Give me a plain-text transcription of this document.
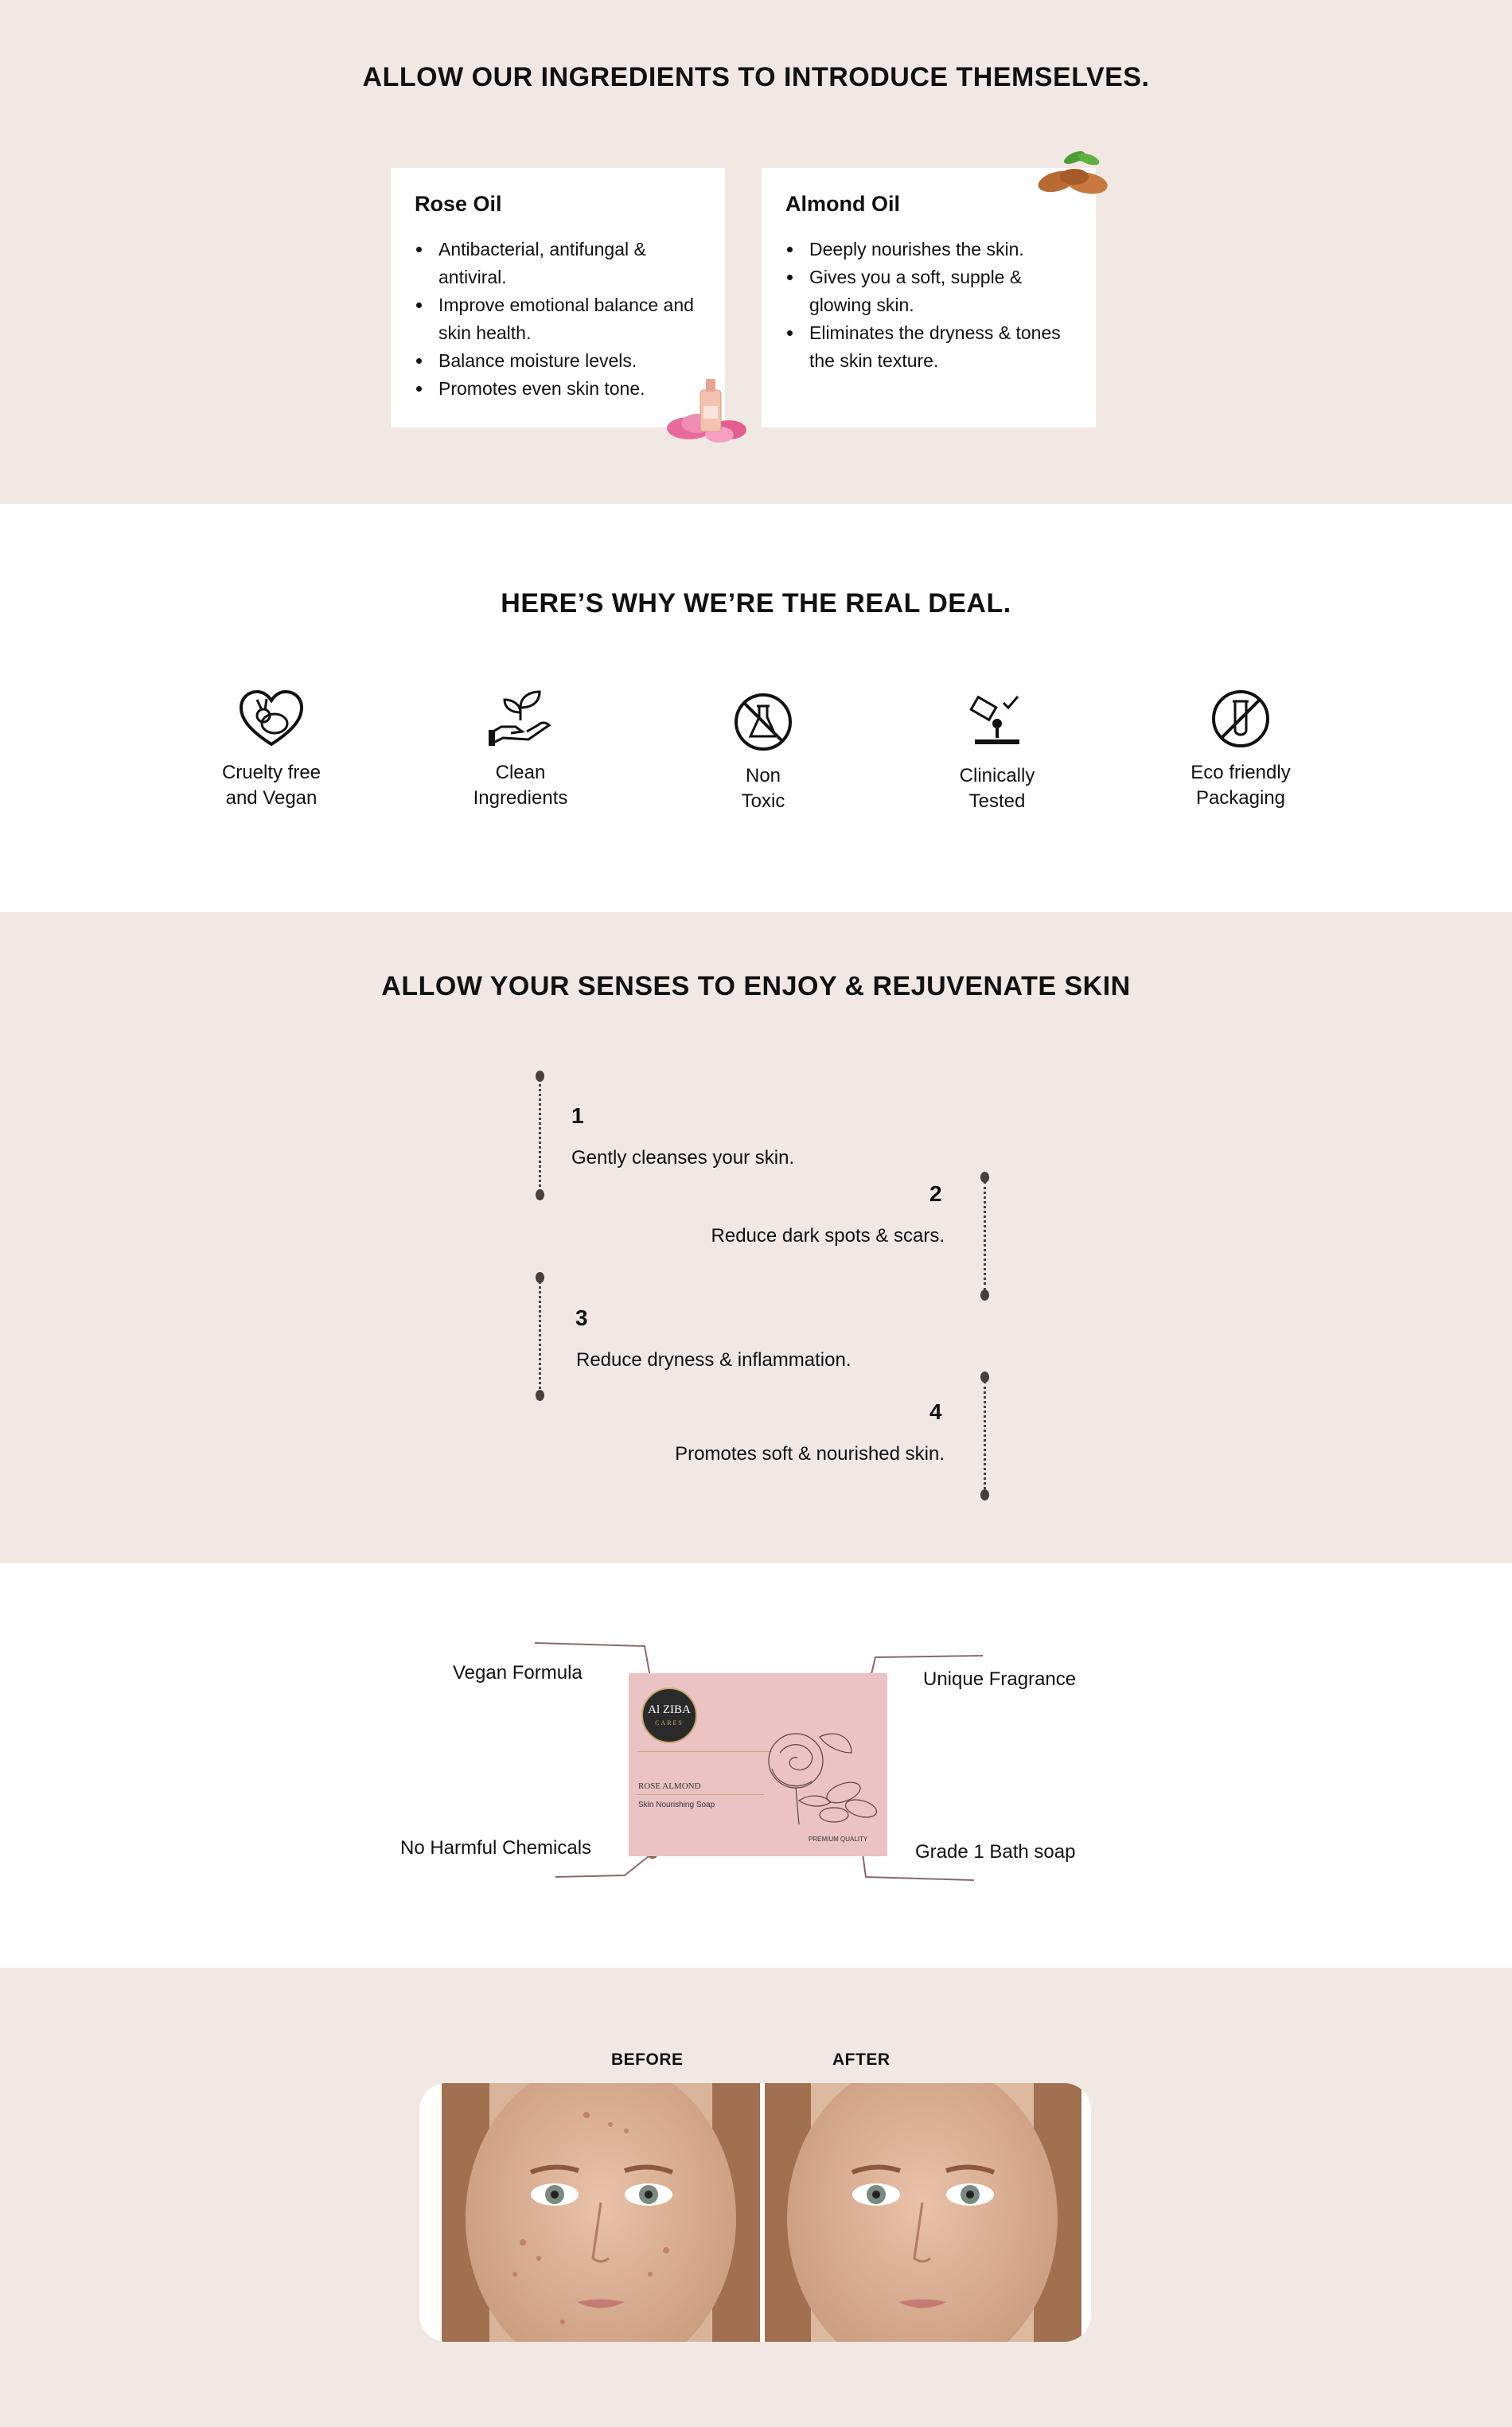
ALLOW OUR INGREDIENTS TO INTRODUCE THEMSELVES.
Rose Oil
Antibacterial, antifungal & antiviral.
Improve emotional balance and skin health.
Balance moisture levels.
Promotes even skin tone.
Almond Oil
Deeply nourishes the skin.
Gives you a soft, supple & glowing skin.
Eliminates the dryness & tones the skin texture.
HERE’S WHY WE’RE THE REAL DEAL.
Cruelty free
and Vegan
Clean
Ingredients
Non
Toxic
Clinically
Tested
Eco friendly
Packaging
ALLOW YOUR SENSES TO ENJOY & REJUVENATE SKIN
1
Gently cleanses your skin.
2
Reduce dark spots & scars.
3
Reduce dryness & inflammation.
4
Promotes soft & nourished skin.
Vegan Formula	Unique Fragrance
No Harmful Chemicals	Grade 1 Bath soap
Al ZIBA
CARES
ROSE ALMOND
Skin Nourishing Soap
PREMIUM QUALITY
BEFORE	AFTER
